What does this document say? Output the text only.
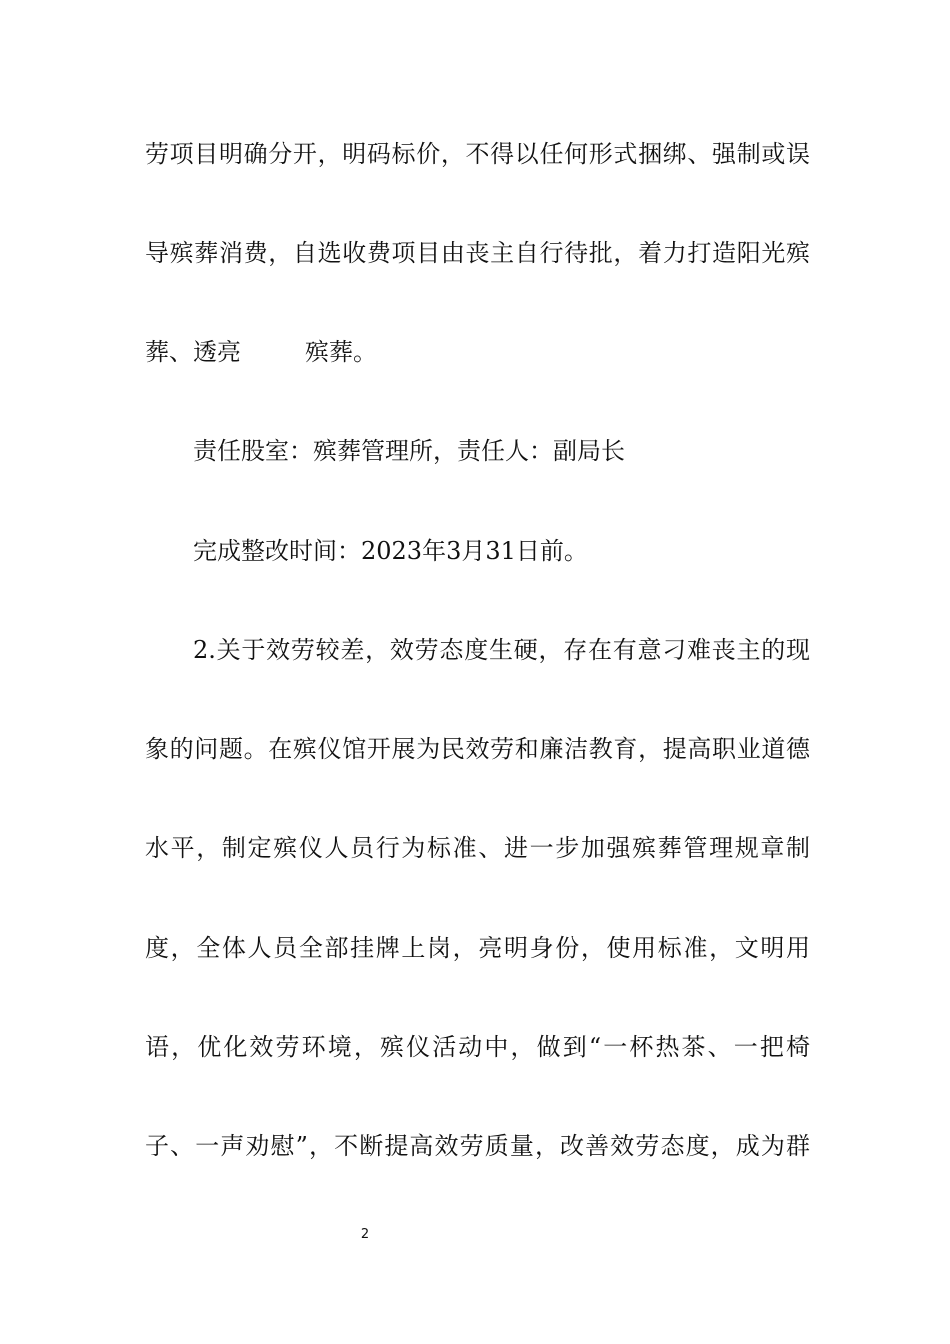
劳项目明确分开，明码标价，不得以任何形式捆绑、强制或误
导殡葬消费，自选收费项目由丧主自行待批，着力打造阳光殡
葬、透亮	殡葬。
责任股室：殡葬管理所，责任人：副局长
完成整改时间：2023年3月31日前。
2.关于效劳较差，效劳态度生硬，存在有意刁难丧主的现
象的问题。在殡仪馆开展为民效劳和廉洁教育，提高职业道德
水平，制定殡仪人员行为标准、进一步加强殡葬管理规章制
度，全体人员全部挂牌上岗，亮明身份，使用标准，文明用
语，优化效劳环境，殡仪活动中，做到“一杯热茶、一把椅
子、一声劝慰”，不断提高效劳质量，改善效劳态度，成为群
2
